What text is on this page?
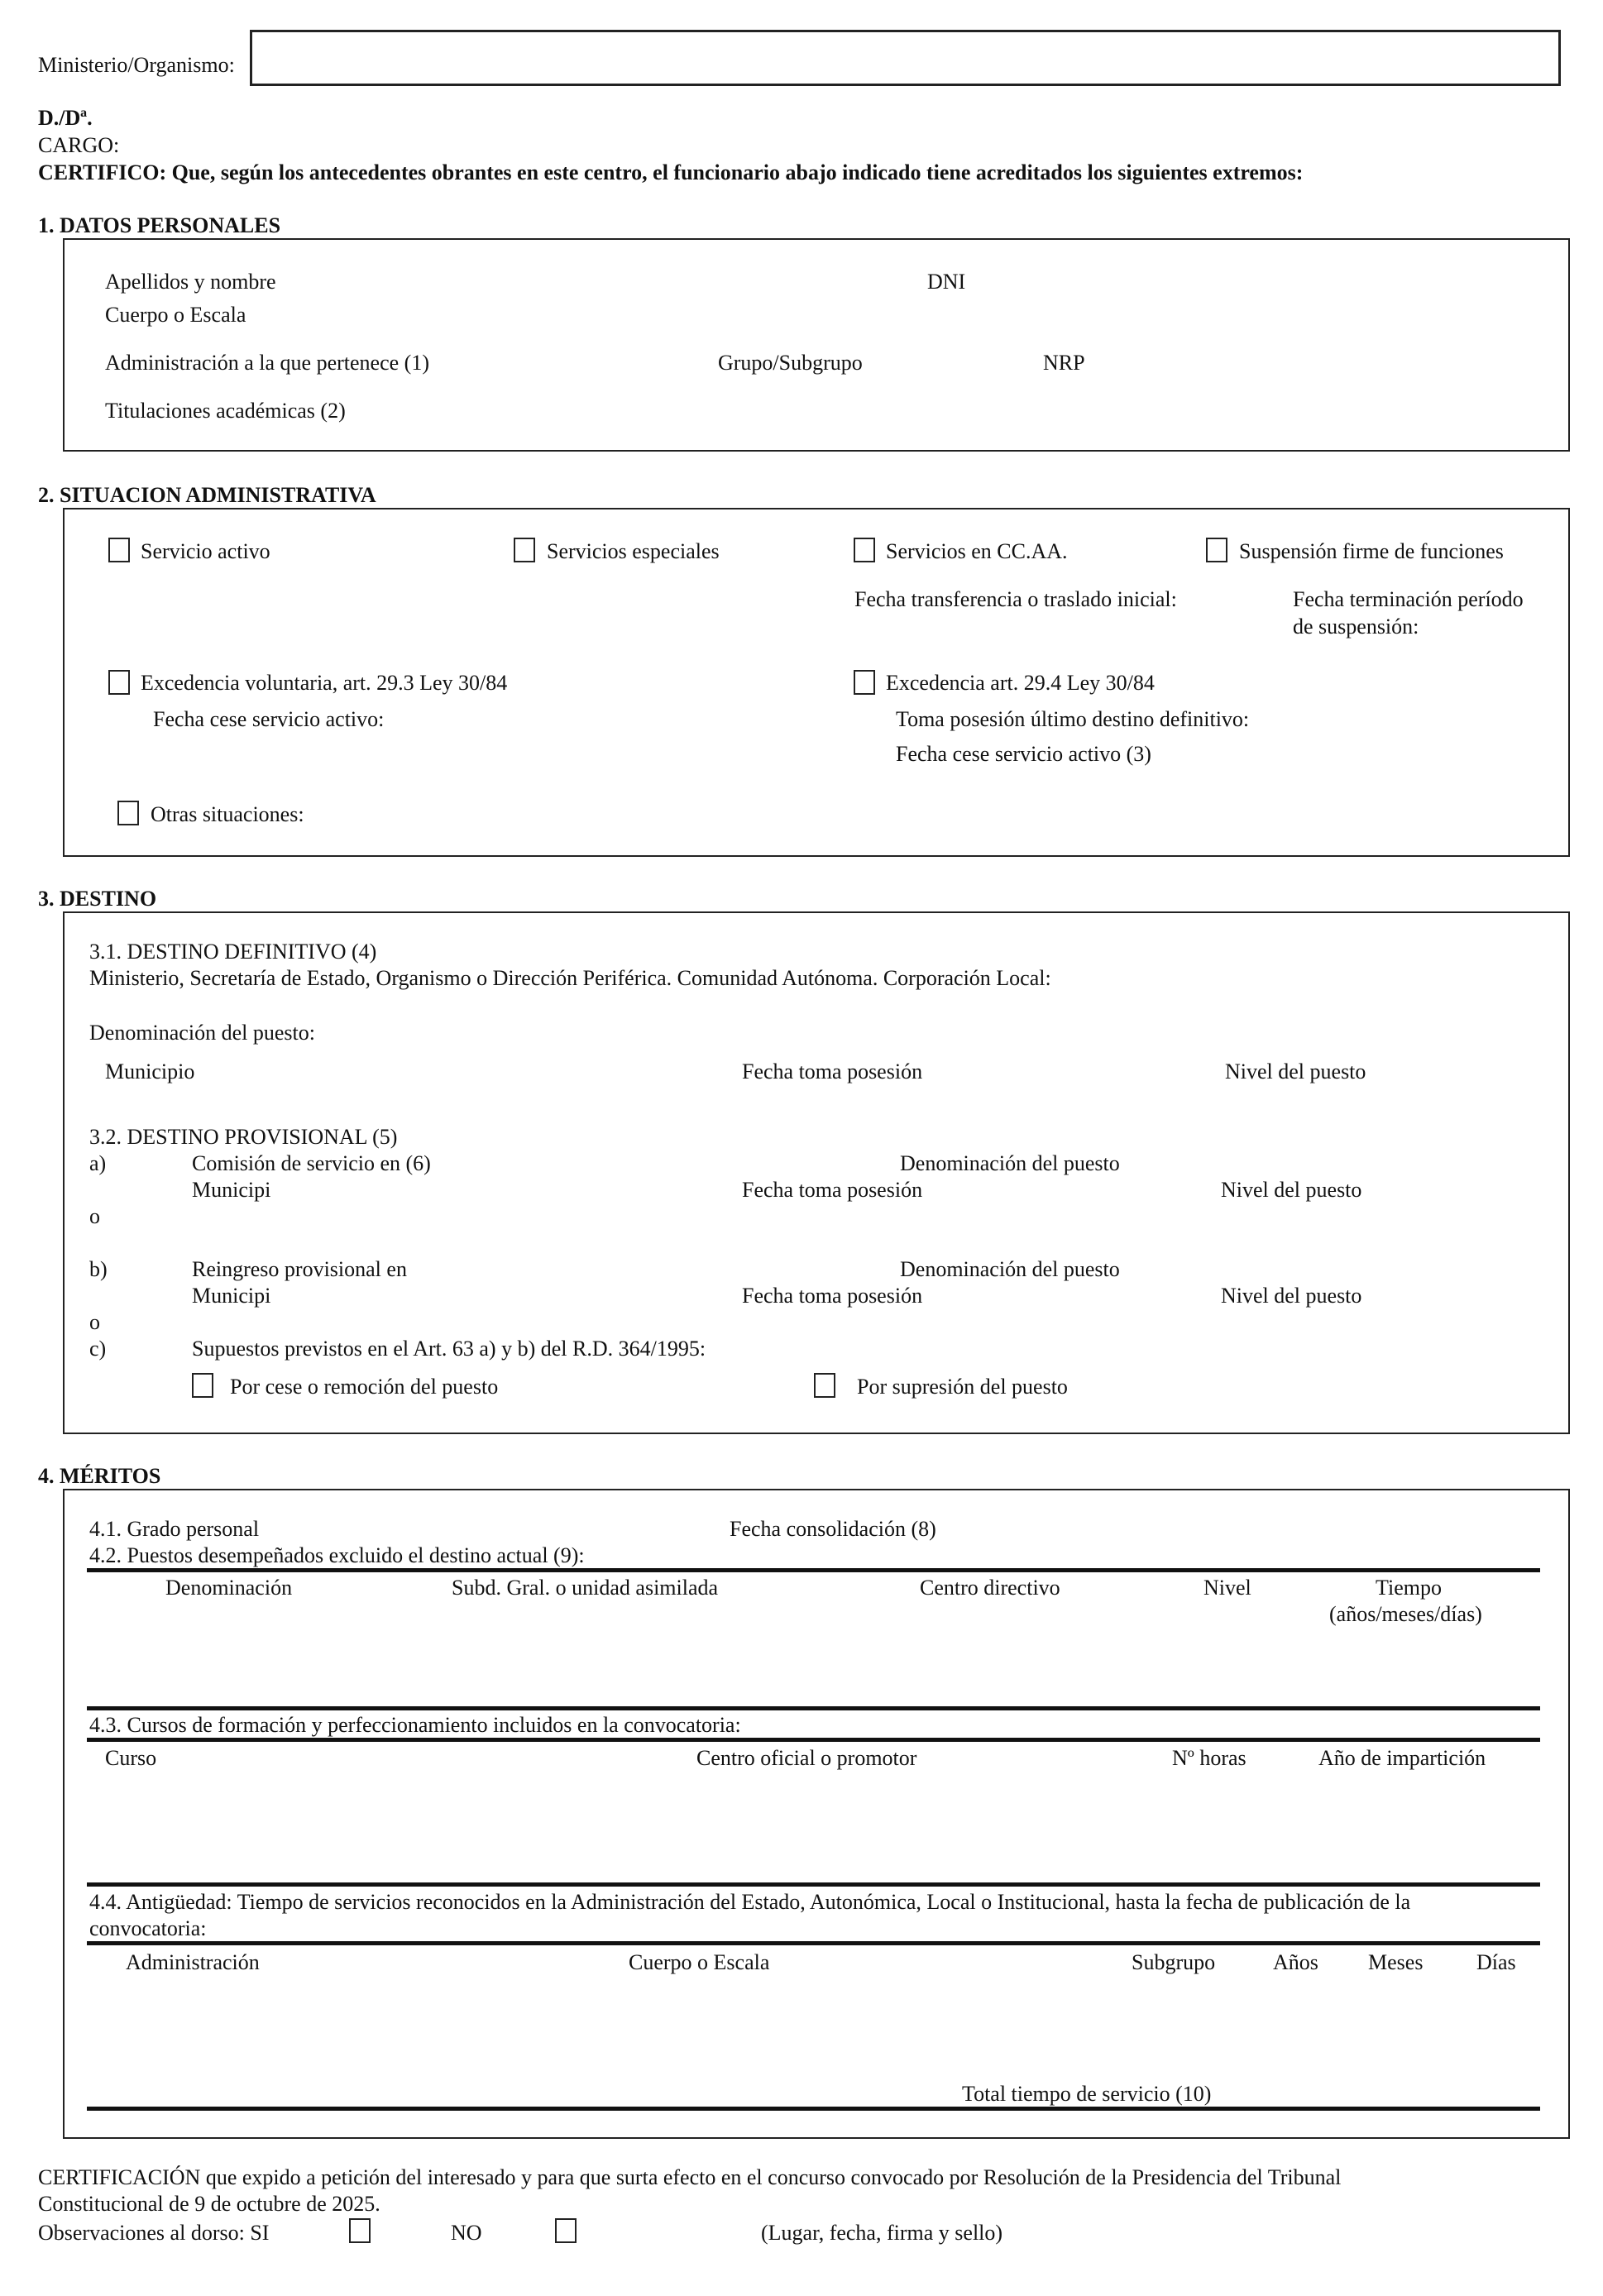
Ministerio/Organismo:
D./Dª.
CARGO:
CERTIFICO: Que, según los antecedentes obrantes en este centro, el funcionario abajo indicado tiene acreditados los siguientes extremos:
1. DATOS PERSONALES
Apellidos y nombre	DNI
Cuerpo o Escala
Administración a la que pertenece (1)	Grupo/Subgrupo	NRP
Titulaciones académicas (2)
2. SITUACION ADMINISTRATIVA
Servicio activo	Servicios especiales	Servicios en CC.AA.	Suspensión firme de funciones
Fecha transferencia o traslado inicial:	Fecha terminación período
de suspensión:
Excedencia voluntaria, art. 29.3 Ley 30/84
Fecha cese servicio activo:
Excedencia art. 29.4 Ley 30/84
Toma posesión último destino definitivo:
Fecha cese servicio activo (3)
Otras situaciones:
3. DESTINO
3.1. DESTINO DEFINITIVO (4)
Ministerio, Secretaría de Estado, Organismo o Dirección Periférica. Comunidad Autónoma. Corporación Local:
Denominación del puesto:
Municipio	Fecha toma posesión	Nivel del puesto
3.2. DESTINO PROVISIONAL (5)
a)	Comisión de servicio en (6)	Denominación del puesto
Municipi	Fecha toma posesión	Nivel del puesto
o
b)	Reingreso provisional en	Denominación del puesto
Municipi	Fecha toma posesión	Nivel del puesto
o
c)	Supuestos previstos en el Art. 63 a) y b) del R.D. 364/1995:
Por cese o remoción del puesto	Por supresión del puesto
4. MÉRITOS
4.1. Grado personal	Fecha consolidación (8)
4.2. Puestos desempeñados excluido el destino actual (9):
Denominación	Subd. Gral. o unidad asimilada	Centro directivo	Nivel	Tiempo
(años/meses/días)
4.3. Cursos de formación y perfeccionamiento incluidos en la convocatoria:
Curso	Centro oficial o promotor	Nº horas	Año de impartición
4.4. Antigüedad: Tiempo de servicios reconocidos en la Administración del Estado, Autonómica, Local o Institucional, hasta la fecha de publicación de la
convocatoria:
Administración	Cuerpo o Escala	Subgrupo	Años Meses Días
Total tiempo de servicio (10)
CERTIFICACIÓN que expido a petición del interesado y para que surta efecto en el concurso convocado por Resolución de la Presidencia del Tribunal
Constitucional de 9 de octubre de 2025.
Observaciones al dorso: SI	NO	(Lugar, fecha, firma y sello)
